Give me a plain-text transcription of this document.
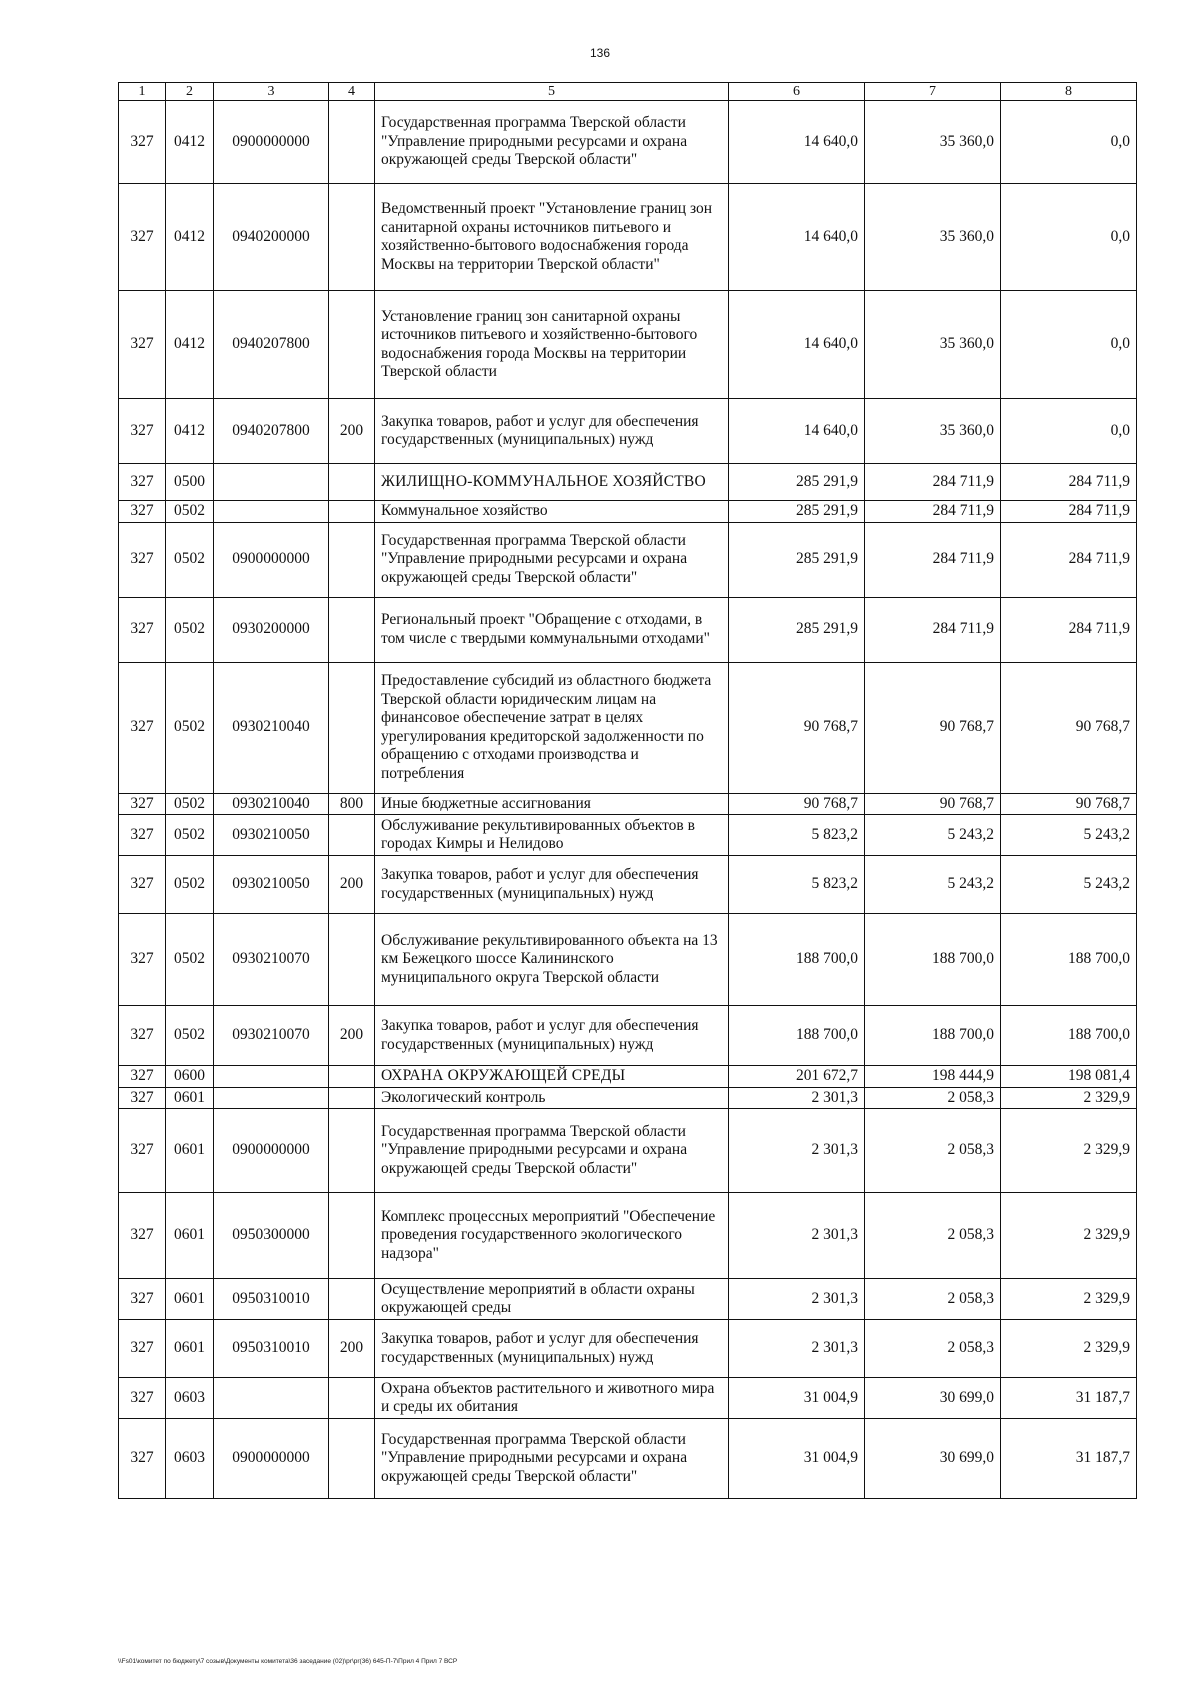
136
1	2	3	4	5	6	7	8
327	0412	0900000000		Государственная программа Тверской области "Управление природными ресурсами и охрана окружающей среды Тверской области"	14 640,0	35 360,0	0,0
327	0412	0940200000		Ведомственный проект "Установление границ зон санитарной охраны источников питьевого и хозяйственно-бытового водоснабжения города Москвы на территории Тверской области"	14 640,0	35 360,0	0,0
327	0412	0940207800		Установление границ зон санитарной охраны источников питьевого и хозяйственно-бытового водоснабжения города Москвы на территории Тверской области	14 640,0	35 360,0	0,0
327	0412	0940207800	200	Закупка товаров, работ и услуг для обеспечения государственных (муниципальных) нужд	14 640,0	35 360,0	0,0
327	0500			ЖИЛИЩНО-КОММУНАЛЬНОЕ ХОЗЯЙСТВО	285 291,9	284 711,9	284 711,9
327	0502			Коммунальное хозяйство	285 291,9	284 711,9	284 711,9
327	0502	0900000000		Государственная программа Тверской области "Управление природными ресурсами и охрана окружающей среды Тверской области"	285 291,9	284 711,9	284 711,9
327	0502	0930200000		Региональный проект "Обращение с отходами, в том числе с твердыми коммунальными отходами"	285 291,9	284 711,9	284 711,9
327	0502	0930210040		Предоставление субсидий из областного бюджета Тверской области юридическим лицам на финансовое обеспечение затрат в целях урегулирования кредиторской задолженности по обращению с отходами производства и потребления	90 768,7	90 768,7	90 768,7
327	0502	0930210040	800	Иные бюджетные ассигнования	90 768,7	90 768,7	90 768,7
327	0502	0930210050		Обслуживание рекультивированных объектов в городах Кимры и Нелидово	5 823,2	5 243,2	5 243,2
327	0502	0930210050	200	Закупка товаров, работ и услуг для обеспечения государственных (муниципальных) нужд	5 823,2	5 243,2	5 243,2
327	0502	0930210070		Обслуживание рекультивированного объекта на 13 км Бежецкого шоссе Калининского муниципального округа Тверской области	188 700,0	188 700,0	188 700,0
327	0502	0930210070	200	Закупка товаров, работ и услуг для обеспечения государственных (муниципальных) нужд	188 700,0	188 700,0	188 700,0
327	0600			ОХРАНА ОКРУЖАЮЩЕЙ СРЕДЫ	201 672,7	198 444,9	198 081,4
327	0601			Экологический контроль	2 301,3	2 058,3	2 329,9
327	0601	0900000000		Государственная программа Тверской области "Управление природными ресурсами и охрана окружающей среды Тверской области"	2 301,3	2 058,3	2 329,9
327	0601	0950300000		Комплекс процессных мероприятий "Обеспечение проведения государственного экологического надзора"	2 301,3	2 058,3	2 329,9
327	0601	0950310010		Осуществление мероприятий в области охраны окружающей среды	2 301,3	2 058,3	2 329,9
327	0601	0950310010	200	Закупка товаров, работ и услуг для обеспечения государственных (муниципальных) нужд	2 301,3	2 058,3	2 329,9
327	0603			Охрана объектов растительного и животного мира и среды их обитания	31 004,9	30 699,0	31 187,7
327	0603	0900000000		Государственная программа Тверской области "Управление природными ресурсами и охрана окружающей среды Тверской области"	31 004,9	30 699,0	31 187,7
\\Fs01\комитет по бюджету\7 созыв\Документы комитета\36 заседание (02)\pr\pr(36) 645-П-7\Прил 4 Прил 7 ВСР
